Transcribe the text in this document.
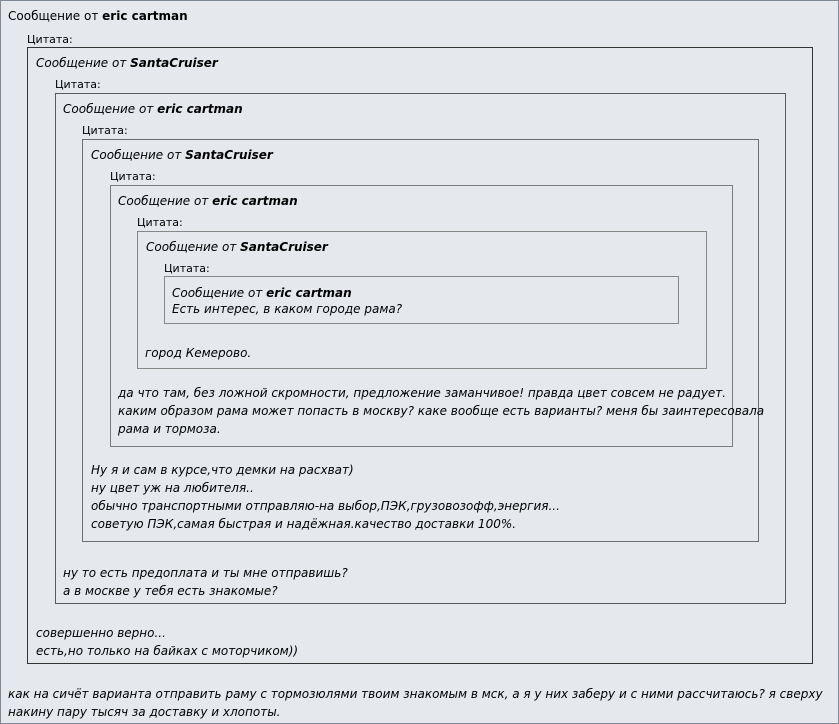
Сообщение от eric cartman
Цитата:
Сообщение от SantaCruiser
Цитата:
Сообщение от eric cartman
Цитата:
Сообщение от SantaCruiser
Цитата:
Сообщение от eric cartman
Цитата:
Сообщение от SantaCruiser
Цитата:
Сообщение от eric cartman
Есть интерес, в каком городе рама?
город Кемерово.
да что там, без ложной скромности, предложение заманчивое! правда цвет совсем не радует.
каким образом рама может попасть в москву? каке вообще есть варианты? меня бы заинтересовала
рама и тормоза.
Ну я и сам в курсе,что демки на расхват)
ну цвет уж на любителя..
обычно транспортными отправляю-на выбор,ПЭК,грузовозофф,энергия...
советую ПЭК,самая быстрая и надёжная.качество доставки 100%.
ну то есть предоплата и ты мне отправишь?
а в москве у тебя есть знакомые?
совершенно верно...
есть,но только на байках с моторчиком))
как на сичёт варианта отправить раму с тормозюлями твоим знакомым в мск, а я у них заберу и с ними рассчитаюсь? я сверху накину пару тысяч за доставку и хлопоты.
